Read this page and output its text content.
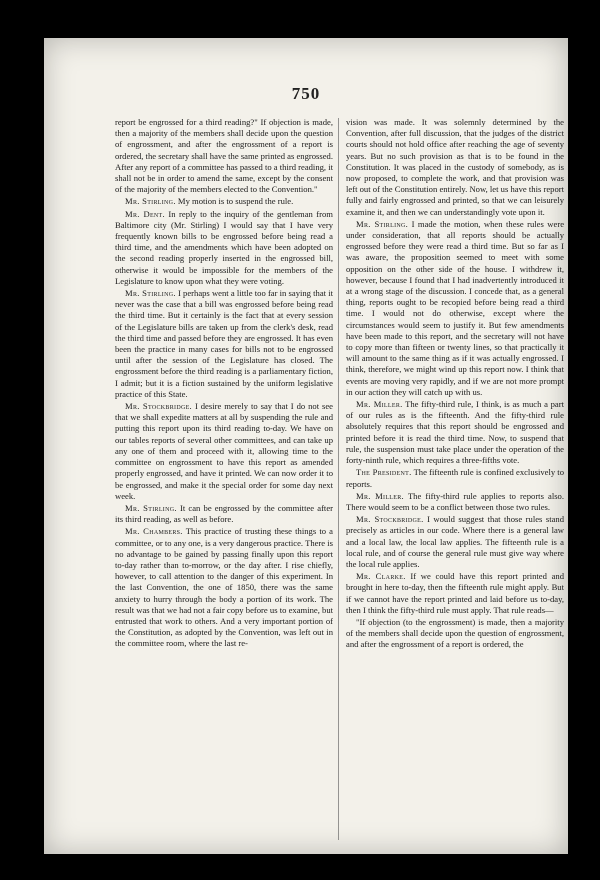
750

report be engrossed for a third reading?" If objection is made, then a majority of the members shall decide upon the question of engrossment, and after the engrossment of a report is ordered, the secretary shall have the same printed as engrossed. After any report of a committee has passed to a third reading, it shall not be in order to amend the same, except by the consent of the majority of the members elected to the Convention."

Mr. Stirling. My motion is to suspend the rule.

Mr. Dent. In reply to the inquiry of the gentleman from Baltimore city (Mr. Stirling) I would say that I have very frequently known bills to be engrossed before being read a third time, and the amendments which have been adopted on the second reading properly inserted in the engrossed bill, otherwise it would be impossible for the members of the Legislature to know upon what they were voting.

Mr. Stirling. I perhaps went a little too far in saying that it never was the case that a bill was engrossed before being read the third time. But it certainly is the fact that at every session of the Legislature bills are taken up from the clerk's desk, read the third time and passed before they are engrossed. It has even been the practice in many cases for bills not to be engrossed until after the session of the Legislature has closed. The engrossment before the third reading is a parliamentary fiction, I admit; but it is a fiction sustained by the uniform legislative practice of this State.

Mr. Stockbridge. I desire merely to say that I do not see that we shall expedite matters at all by suspending the rule and putting this report upon its third reading to-day. We have on our tables reports of several other committees, and can take up any one of them and proceed with it, allowing time to the committee on engrossment to have this report as amended properly engrossed, and have it printed. We can now order it to be engrossed, and make it the special order for some day next week.

Mr. Stirling. It can be engrossed by the committee after its third reading, as well as before.

Mr. Chambers. This practice of trusting these things to a committee, or to any one, is a very dangerous practice. There is no advantage to be gained by passing finally upon this report to-day rather than to-morrow, or the day after. I rise chiefly, however, to call attention to the danger of this experiment. In the last Convention, the one of 1850, there was the same anxiety to hurry through the body a portion of its work. The result was that we had not a fair copy before us to examine, but entrusted that work to others. And a very important portion of the Constitution, as adopted by the Convention, was left out in the committee room, where the last re-

vision was made. It was solemnly determined by the Convention, after full discussion, that the judges of the district courts should not hold office after reaching the age of seventy years. But no such provision as that is to be found in the Constitution. It was placed in the custody of somebody, as is now proposed, to complete the work, and that provision was left out of the Constitution entirely. Now, let us have this report fully and fairly engrossed and printed, so that we can leisurely examine it, and then we can understandingly vote upon it.

Mr. Stirling. I made the motion, when these rules were under consideration, that all reports should be actually engrossed before they were read a third time. But so far as I was aware, the proposition seemed to meet with some opposition on the other side of the house. I withdrew it, however, because I found that I had inadvertently introduced it at a wrong stage of the discussion. I concede that, as a general thing, reports ought to be recopied before being read a third time. I would not do otherwise, except where the circumstances would seem to justify it. But few amendments have been made to this report, and the secretary will not have to copy more than fifteen or twenty lines, so that practically it will amount to the same thing as if it was actually engrossed. I think, therefore, we might wind up this report now. I think that events are moving very rapidly, and if we are not more prompt in our action they will catch up with us.

Mr. Miller. The fifty-third rule, I think, is as much a part of our rules as is the fifteenth. And the fifty-third rule absolutely requires that this report should be engrossed and printed before it is read the third time. Now, to suspend that rule, the suspension must take place under the operation of the forty-ninth rule, which requires a three-fifths vote.

The President. The fifteenth rule is confined exclusively to reports.

Mr. Miller. The fifty-third rule applies to reports also. There would seem to be a conflict between those two rules.

Mr. Stockbridge. I would suggest that those rules stand precisely as articles in our code. Where there is a general law and a local law, the local law applies. The fifteenth rule is a local rule, and of course the general rule must give way where the local rule applies.

Mr. Clarke. If we could have this report printed and brought in here to-day, then the fifteenth rule might apply. But if we cannot have the report printed and laid before us to-day, then I think the fifty-third rule must apply. That rule reads—

"If objection (to the engrossment) is made, then a majority of the members shall decide upon the question of engrossment, and after the engrossment of a report is ordered, the
